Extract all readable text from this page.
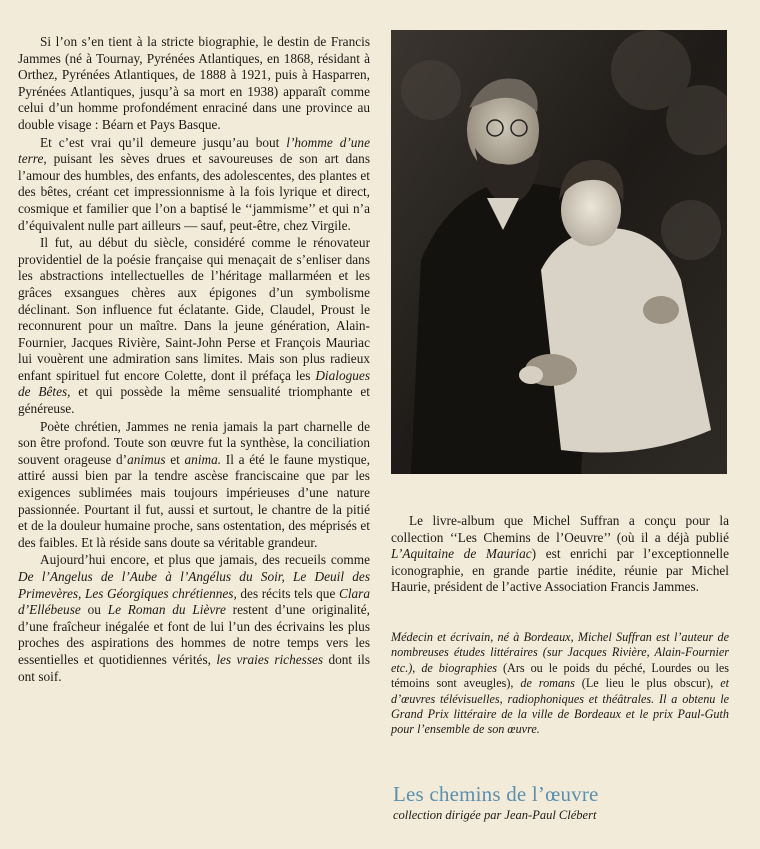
Si l’on s’en tient à la stricte biographie, le destin de Francis Jammes (né à Tournay, Pyrénées Atlantiques, en 1868, résidant à Orthez, Pyrénées Atlantiques, de 1888 à 1921, puis à Hasparren, Pyrénées Atlantiques, jusqu’à sa mort en 1938) apparaît comme celui d’un homme profondément enraciné dans une province au double visage : Béarn et Pays Basque.

Et c’est vrai qu’il demeure jusqu’au bout l’homme d’une terre, puisant les sèves drues et savoureuses de son art dans l’amour des humbles, des enfants, des adolescentes, des plantes et des bêtes, créant cet impressionnisme à la fois lyrique et direct, cosmique et familier que l’on a baptisé le ‘‘jammisme’’ et qui n’a d’équivalent nulle part ailleurs — sauf, peut-être, chez Virgile.

Il fut, au début du siècle, considéré comme le rénovateur providentiel de la poésie française qui menaçait de s’enliser dans les abstractions intellectuelles de l’héritage mallarméen et les grâces exsangues chères aux épigones d’un symbolisme déclinant. Son influence fut éclatante. Gide, Claudel, Proust le reconnurent pour un maître. Dans la jeune génération, Alain-Fournier, Jacques Rivière, Saint-John Perse et François Mauriac lui vouèrent une admiration sans limites. Mais son plus radieux enfant spirituel fut encore Colette, dont il préfaça les Dialogues de Bêtes, et qui possède la même sensualité triomphante et généreuse.

Poète chrétien, Jammes ne renia jamais la part charnelle de son être profond. Toute son œuvre fut la synthèse, la conciliation souvent orageuse d’animus et anima. Il a été le faune mystique, attiré aussi bien par la tendre ascèse franciscaine que par les exigences sublimées mais toujours impérieuses d’une nature passionnée. Pourtant il fut, aussi et surtout, le chantre de la pitié et de la douleur humaine proche, sans ostentation, des méprisés et des faibles. Et là réside sans doute sa véritable grandeur.

Aujourd’hui encore, et plus que jamais, des recueils comme De l’Angelus de l’Aube à l’Angélus du Soir, Le Deuil des Primevères, Les Géorgiques chrétiennes, des récits tels que Clara d’Ellébeuse ou Le Roman du Lièvre restent d’une originalité, d’une fraîcheur inégalée et font de lui l’un des écrivains les plus proches des aspirations des hommes de notre temps vers les essentielles et quotidiennes vérités, les vraies richesses dont ils ont soif.

Le livre-album que Michel Suffran a conçu pour la collection ‘‘Les Chemins de l’Oeuvre’’ (où il a déjà publié L’Aquitaine de Mauriac) est enrichi par l’exceptionnelle iconographie, en grande partie inédite, réunie par Michel Haurie, président de l’active Association Francis Jammes.

Médecin et écrivain, né à Bordeaux, Michel Suffran est l’auteur de nombreuses études littéraires (sur Jacques Rivière, Alain-Fournier etc.), de biographies (Ars ou le poids du péché, Lourdes ou les témoins sont aveugles), de romans (Le lieu le plus obscur), et d’œuvres télévisuelles, radiophoniques et théâtrales. Il a obtenu le Grand Prix littéraire de la ville de Bordeaux et le prix Paul-Guth pour l’ensemble de son œuvre.

Les chemins de l’œuvre
collection dirigée par Jean-Paul Clébert
